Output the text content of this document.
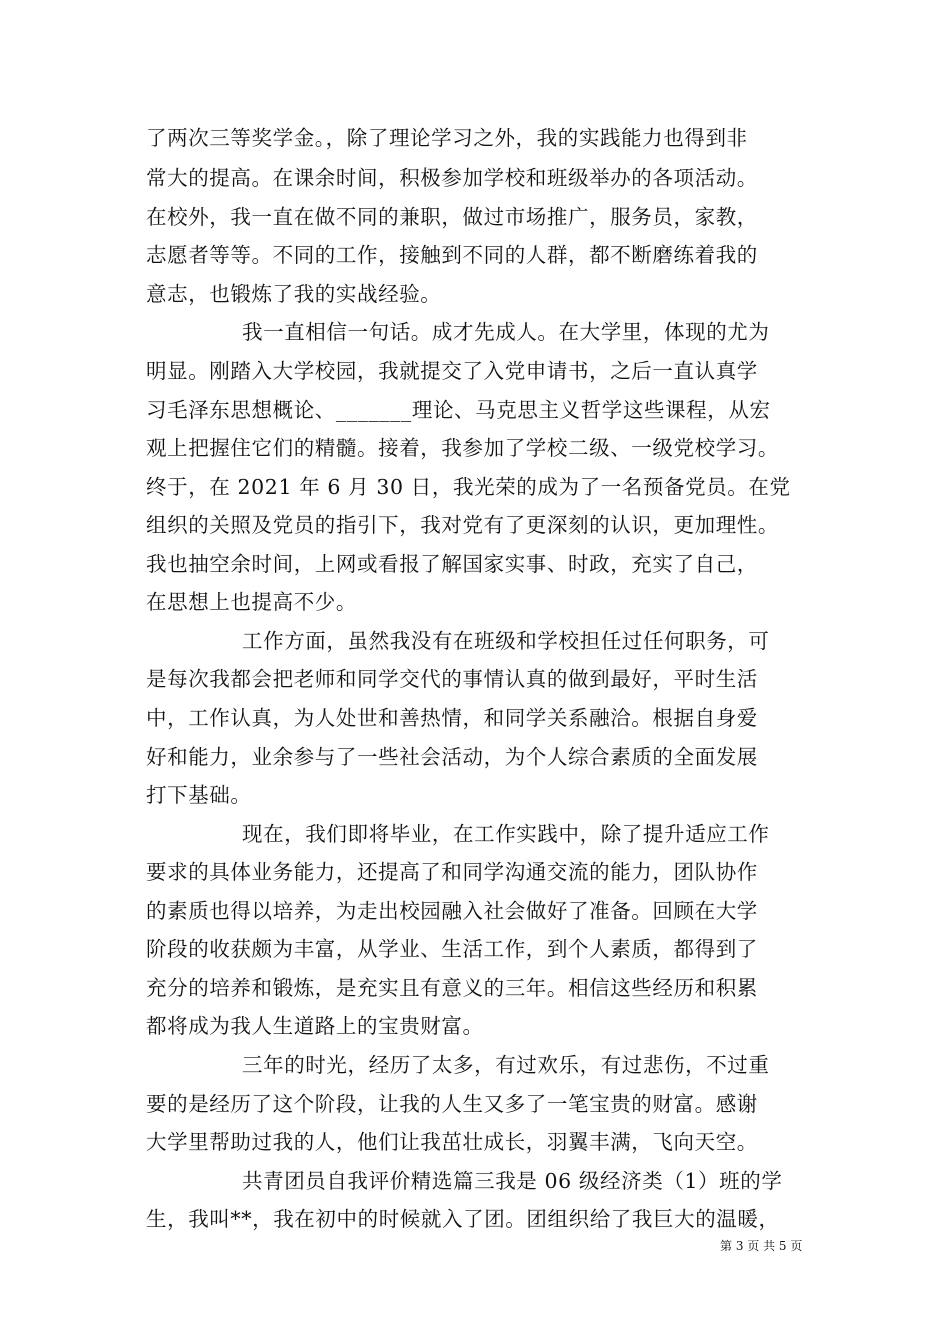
了两次三等奖学金。，除了理论学习之外，我的实践能力也得到非
常大的提高。在课余时间，积极参加学校和班级举办的各项活动。
在校外，我一直在做不同的兼职，做过市场推广，服务员，家教，
志愿者等等。不同的工作，接触到不同的人群，都不断磨练着我的
意志，也锻炼了我的实战经验。
我一直相信一句话。成才先成人。在大学里，体现的尤为
明显。刚踏入大学校园，我就提交了入党申请书，之后一直认真学
习毛泽东思想概论、_______理论、马克思主义哲学这些课程，从宏
观上把握住它们的精髓。接着，我参加了学校二级、一级党校学习。
终于，在 2021 年 6 月 30 日，我光荣的成为了一名预备党员。在党
组织的关照及党员的指引下，我对党有了更深刻的认识，更加理性。
我也抽空余时间，上网或看报了解国家实事、时政，充实了自己，
在思想上也提高不少。
工作方面，虽然我没有在班级和学校担任过任何职务，可
是每次我都会把老师和同学交代的事情认真的做到最好，平时生活
中，工作认真，为人处世和善热情，和同学关系融洽。根据自身爱
好和能力，业余参与了一些社会活动，为个人综合素质的全面发展
打下基础。
现在，我们即将毕业，在工作实践中，除了提升适应工作
要求的具体业务能力，还提高了和同学沟通交流的能力，团队协作
的素质也得以培养，为走出校园融入社会做好了准备。回顾在大学
阶段的收获颇为丰富，从学业、生活工作，到个人素质，都得到了
充分的培养和锻炼，是充实且有意义的三年。相信这些经历和积累
都将成为我人生道路上的宝贵财富。
三年的时光，经历了太多，有过欢乐，有过悲伤，不过重
要的是经历了这个阶段，让我的人生又多了一笔宝贵的财富。感谢
大学里帮助过我的人，他们让我茁壮成长，羽翼丰满，飞向天空。
共青团员自我评价精选篇三我是 06 级经济类（1）班的学
生，我叫**，我在初中的时候就入了团。团组织给了我巨大的温暖，
第 3 页 共 5 页
